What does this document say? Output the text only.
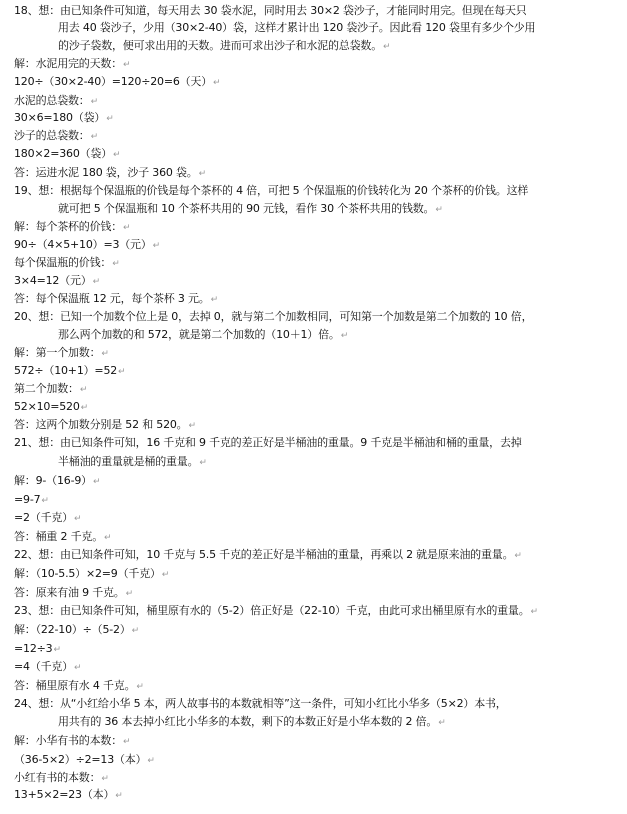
18、想：由已知条件可知道，每天用去 30 袋水泥，同时用去 30×2 袋沙子，才能同时用完。但现在每天只
用去 40 袋沙子，少用（30×2-40）袋，这样才累计出 120 袋沙子。因此看 120 袋里有多少个少用
的沙子袋数，便可求出用的天数。进而可求出沙子和水泥的总袋数。↵
解：水泥用完的天数：↵
120÷（30×2-40）=120÷20=6（天）↵
水泥的总袋数：↵
30×6=180（袋）↵
沙子的总袋数：↵
180×2=360（袋）↵
答：运进水泥 180 袋，沙子 360 袋。↵
19、想：根据每个保温瓶的价钱是每个茶杯的 4 倍，可把 5 个保温瓶的价钱转化为 20 个茶杯的价钱。这样
就可把 5 个保温瓶和 10 个茶杯共用的 90 元钱，看作 30 个茶杯共用的钱数。↵
解：每个茶杯的价钱：↵
90÷（4×5+10）=3（元）↵
每个保温瓶的价钱：↵
3×4=12（元）↵
答：每个保温瓶 12 元，每个茶杯 3 元。↵
20、想：已知一个加数个位上是 0，去掉 0，就与第二个加数相同，可知第一个加数是第二个加数的 10 倍，
那么两个加数的和 572，就是第二个加数的（10＋1）倍。↵
解：第一个加数：↵
572÷（10+1）=52↵
第二个加数：↵
52×10=520↵
答：这两个加数分别是 52 和 520。↵
21、想：由已知条件可知，16 千克和 9 千克的差正好是半桶油的重量。9 千克是半桶油和桶的重量，去掉
半桶油的重量就是桶的重量。↵
解：9-（16-9）↵
=9-7↵
=2（千克）↵
答：桶重 2 千克。↵
22、想：由已知条件可知，10 千克与 5.5 千克的差正好是半桶油的重量，再乘以 2 就是原来油的重量。↵
解：（10-5.5）×2=9（千克）↵
答：原来有油 9 千克。↵
23、想：由已知条件可知，桶里原有水的（5-2）倍正好是（22-10）千克，由此可求出桶里原有水的重量。↵
解：（22-10）÷（5-2）↵
=12÷3↵
=4（千克）↵
答：桶里原有水 4 千克。↵
24、想：从“小红给小华 5 本，两人故事书的本数就相等”这一条件，可知小红比小华多（5×2）本书，
用共有的 36 本去掉小红比小华多的本数，剩下的本数正好是小华本数的 2 倍。↵
解：小华有书的本数：↵
（36-5×2）÷2=13（本）↵
小红有书的本数：↵
13+5×2=23（本）↵
